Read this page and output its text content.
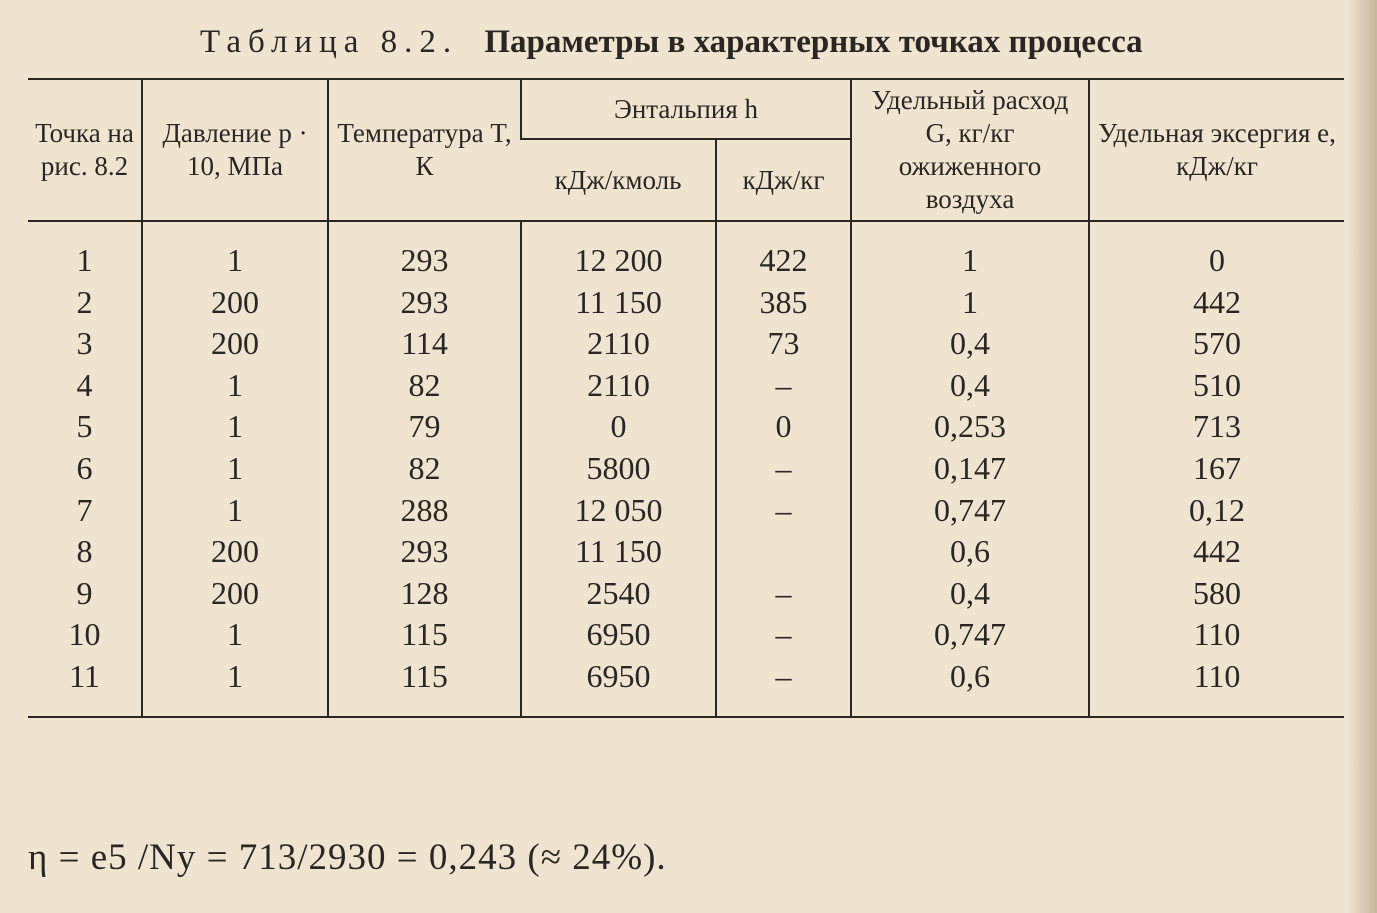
Таблица 8.2. Параметры в характерных точках процесса
Точка на рис. 8.2	Давление p · 10, МПа	Температура T, К	Энтальпия h		Удельный расход G, кг/кг ожиженного воздуха	Удельная эксергия e, кДж/кг
			кДж/кмоль	кДж/кг		
1	1	293	12 200	422	1	0
2	200	293	11 150	385	1	442
3	200	114	2110	73	0,4	570
4	1	82	2110	–	0,4	510
5	1	79	0	0	0,253	713
6	1	82	5800	–	0,147	167
7	1	288	12 050	–	0,747	0,12
8	200	293	11 150		0,6	442
9	200	128	2540	–	0,4	580
10	1	115	6950	–	0,747	110
11	1	115	6950	–	0,6	110
η = e5 /Ny = 713/2930 = 0,243 (≈ 24%).
